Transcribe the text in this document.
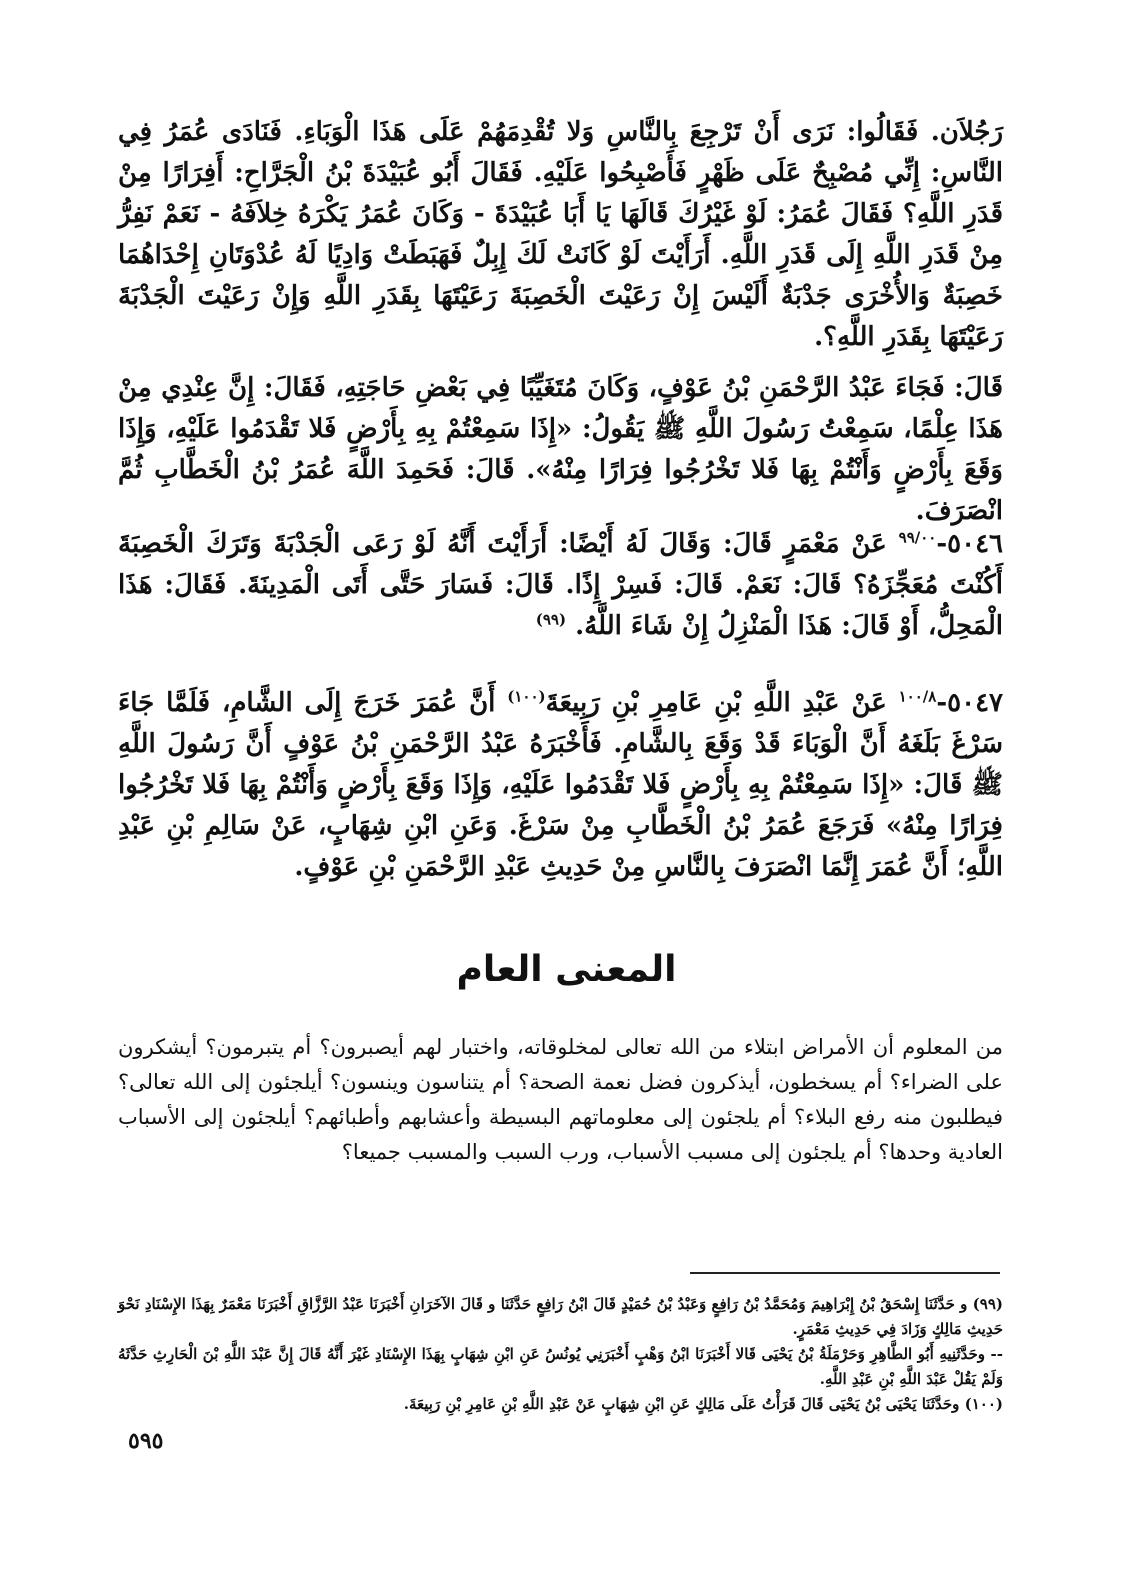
رَجُلاَن. فَقَالُوا: نَرَى أَنْ تَرْجِعَ بِالنَّاسِ وَلا تُقْدِمَهُمْ عَلَى هَذَا الْوَبَاءِ. فَنَادَى عُمَرُ فِي النَّاسِ: إِنِّي مُصْبِحٌ عَلَى ظَهْرٍ فَأَصْبِحُوا عَلَيْهِ. فَقَالَ أَبُو عُبَيْدَةَ بْنُ الْجَرَّاحِ: أَفِرَارًا مِنْ قَدَرِ اللَّهِ؟ فَقَالَ عُمَرُ: لَوْ غَيْرُكَ قَالَهَا يَا أَبَا عُبَيْدَةَ - وَكَانَ عُمَرُ يَكْرَهُ خِلاَفَهُ - نَعَمْ نَفِرُّ مِنْ قَدَرِ اللَّهِ إِلَى قَدَرِ اللَّهِ. أَرَأَيْتَ لَوْ كَانَتْ لَكَ إِبِلٌ فَهَبَطَتْ وَادِيًا لَهُ عُدْوَتَانِ إِحْدَاهُمَا خَصِبَةٌ وَالأُخْرَى جَدْبَةٌ أَلَيْسَ إِنْ رَعَيْتَ الْخَصِبَةَ رَعَيْتَهَا بِقَدَرِ اللَّهِ وَإِنْ رَعَيْتَ الْجَدْبَةَ رَعَيْتَهَا بِقَدَرِ اللَّهِ؟.

قَالَ: فَجَاءَ عَبْدُ الرَّحْمَنِ بْنُ عَوْفٍ، وَكَانَ مُتَغَيِّبًا فِي بَعْضِ حَاجَتِهِ، فَقَالَ: إِنَّ عِنْدِي مِنْ هَذَا عِلْمًا، سَمِعْتُ رَسُولَ اللَّهِ ﷺ يَقُولُ: «إِذَا سَمِعْتُمْ بِهِ بِأَرْضٍ فَلا تَقْدَمُوا عَلَيْهِ، وَإِذَا وَقَعَ بِأَرْضٍ وَأَنْتُمْ بِهَا فَلا تَخْرُجُوا فِرَارًا مِنْهُ». قَالَ: فَحَمِدَ اللَّهَ عُمَرُ بْنُ الْخَطَّابِ ثُمَّ انْصَرَفَ.

٥٠٤٦-$^{٩٩/٠٠}$ عَنْ مَعْمَرٍ قَالَ: وَقَالَ لَهُ أَيْضًا: أَرَأَيْتَ أَنَّهُ لَوْ رَعَى الْجَدْبَةَ وَتَرَكَ الْخَصِبَةَ أَكُنْتَ مُعَجِّزَهُ؟ قَالَ: نَعَمْ. قَالَ: فَسِرْ إِذًا. قَالَ: فَسَارَ حَتَّى أَتَى الْمَدِينَةَ. فَقَالَ: هَذَا الْمَحِلُّ، أَوْ قَالَ: هَذَا الْمَنْزِلُ إِنْ شَاءَ اللَّهُ. $^{(٩٩)}$

٥٠٤٧-$^{١٠٠/٨}$ عَنْ عَبْدِ اللَّهِ بْنِ عَامِرِ بْنِ رَبِيعَةَ$^{(١٠٠)}$ أَنَّ عُمَرَ خَرَجَ إِلَى الشَّامِ، فَلَمَّا جَاءَ سَرْغَ بَلَغَهُ أَنَّ الْوَبَاءَ قَدْ وَقَعَ بِالشَّامِ. فَأَخْبَرَهُ عَبْدُ الرَّحْمَنِ بْنُ عَوْفٍ أَنَّ رَسُولَ اللَّهِ ﷺ قَالَ: «إِذَا سَمِعْتُمْ بِهِ بِأَرْضٍ فَلا تَقْدَمُوا عَلَيْهِ، وَإِذَا وَقَعَ بِأَرْضٍ وَأَنْتُمْ بِهَا فَلا تَخْرُجُوا فِرَارًا مِنْهُ» فَرَجَعَ عُمَرُ بْنُ الْخَطَّابِ مِنْ سَرْغَ. وَعَنِ ابْنِ شِهَابٍ، عَنْ سَالِمِ بْنِ عَبْدِ اللَّهِ؛ أَنَّ عُمَرَ إِنَّمَا انْصَرَفَ بِالنَّاسِ مِنْ حَدِيثِ عَبْدِ الرَّحْمَنِ بْنِ عَوْفٍ.

المعنى العام

من المعلوم أن الأمراض ابتلاء من الله تعالى لمخلوقاته، واختبار لهم أيصبرون؟ أم يتبرمون؟ أيشكرون على الضراء؟ أم يسخطون، أيذكرون فضل نعمة الصحة؟ أم يتناسون وينسون؟ أيلجئون إلى الله تعالى؟ فيطلبون منه رفع البلاء؟ أم يلجئون إلى معلوماتهم البسيطة وأعشابهم وأطبائهم؟ أيلجئون إلى الأسباب العادية وحدها؟ أم يلجئون إلى مسبب الأسباب، ورب السبب والمسبب جميعا؟

(٩٩) و حَدَّثَنَا إِسْحَقُ بْنُ إِبْرَاهِيمَ وَمُحَمَّدُ بْنُ رَافِعٍ وَعَبْدُ بْنُ حُمَيْدٍ قَالَ ابْنُ رَافِعٍ حَدَّثَنَا و قَالَ الآخَرَانِ أَخْبَرَنَا عَبْدُ الرَّزَّاقِ أَخْبَرَنَا مَعْمَرٌ بِهَذَا الإِسْنَادِ نَحْوَ حَدِيثِ مَالِكٍ وَزَادَ فِي حَدِيثِ مَعْمَرٍ.

-- وحَدَّثَنِيهِ أَبُو الطَّاهِرِ وَحَرْمَلَةُ بْنُ يَحْيَى قَالا أَخْبَرَنَا ابْنُ وَهْبٍ أَخْبَرَنِي يُونُسُ عَنِ ابْنِ شِهَابٍ بِهَذَا الإِسْنَادِ غَيْرَ أَنَّهُ قَالَ إِنَّ عَبْدَ اللَّهِ بْنَ الْحَارِثِ حَدَّثَهُ وَلَمْ يَقُلْ عَبْدَ اللَّهِ بْنِ عَبْدِ اللَّهِ.

(١٠٠) وحَدَّثَنَا يَحْيَى بْنُ يَحْيَى قَالَ قَرَأْتُ عَلَى مَالِكٍ عَنِ ابْنِ شِهَابٍ عَنْ عَبْدِ اللَّهِ بْنِ عَامِرِ بْنِ رَبِيعَةَ.

٥٩٥
